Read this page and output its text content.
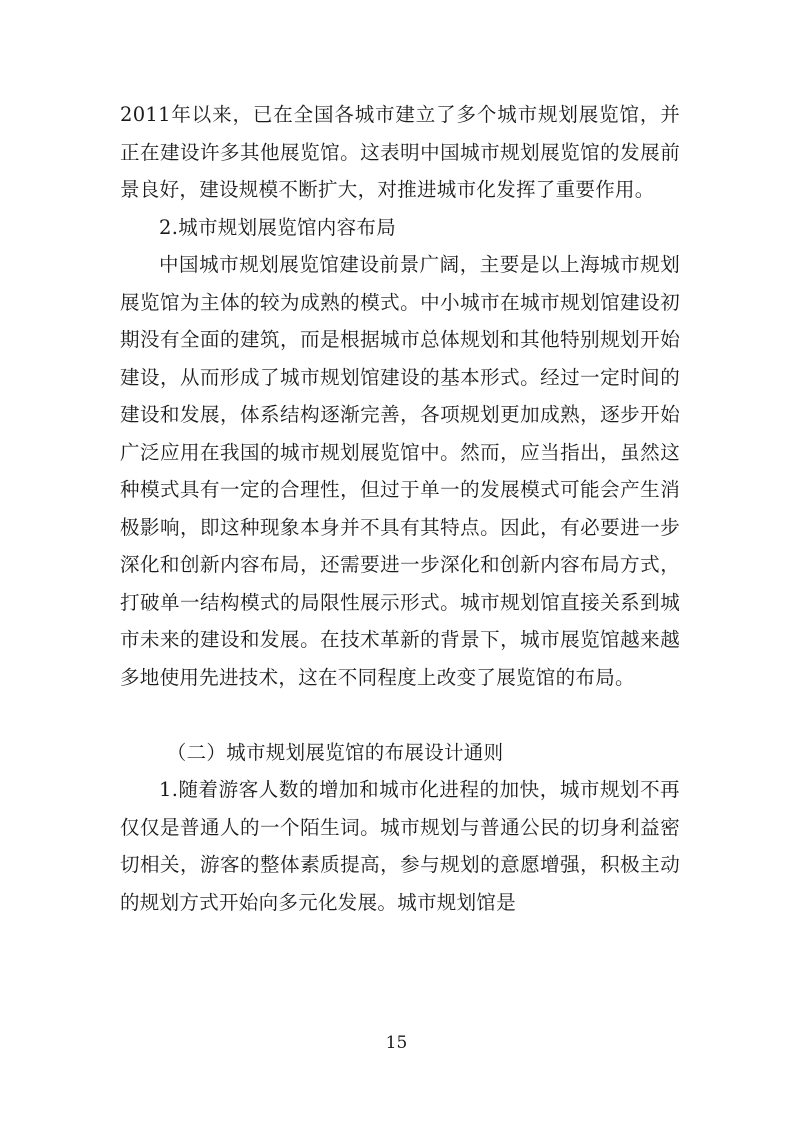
2011年以来，已在全国各城市建立了多个城市规划展览馆，并正在建设许多其他展览馆。这表明中国城市规划展览馆的发展前景良好，建设规模不断扩大，对推进城市化发挥了重要作用。

2.城市规划展览馆内容布局

中国城市规划展览馆建设前景广阔，主要是以上海城市规划展览馆为主体的较为成熟的模式。中小城市在城市规划馆建设初期没有全面的建筑，而是根据城市总体规划和其他特别规划开始建设，从而形成了城市规划馆建设的基本形式。经过一定时间的建设和发展，体系结构逐渐完善，各项规划更加成熟，逐步开始广泛应用在我国的城市规划展览馆中。然而，应当指出，虽然这种模式具有一定的合理性，但过于单一的发展模式可能会产生消极影响，即这种现象本身并不具有其特点。因此，有必要进一步深化和创新内容布局，还需要进一步深化和创新内容布局方式，打破单一结构模式的局限性展示形式。城市规划馆直接关系到城市未来的建设和发展。在技术革新的背景下，城市展览馆越来越多地使用先进技术，这在不同程度上改变了展览馆的布局。

（二）城市规划展览馆的布展设计通则

1.随着游客人数的增加和城市化进程的加快，城市规划不再仅仅是普通人的一个陌生词。城市规划与普通公民的切身利益密切相关，游客的整体素质提高，参与规划的意愿增强，积极主动的规划方式开始向多元化发展。城市规划馆是

15
